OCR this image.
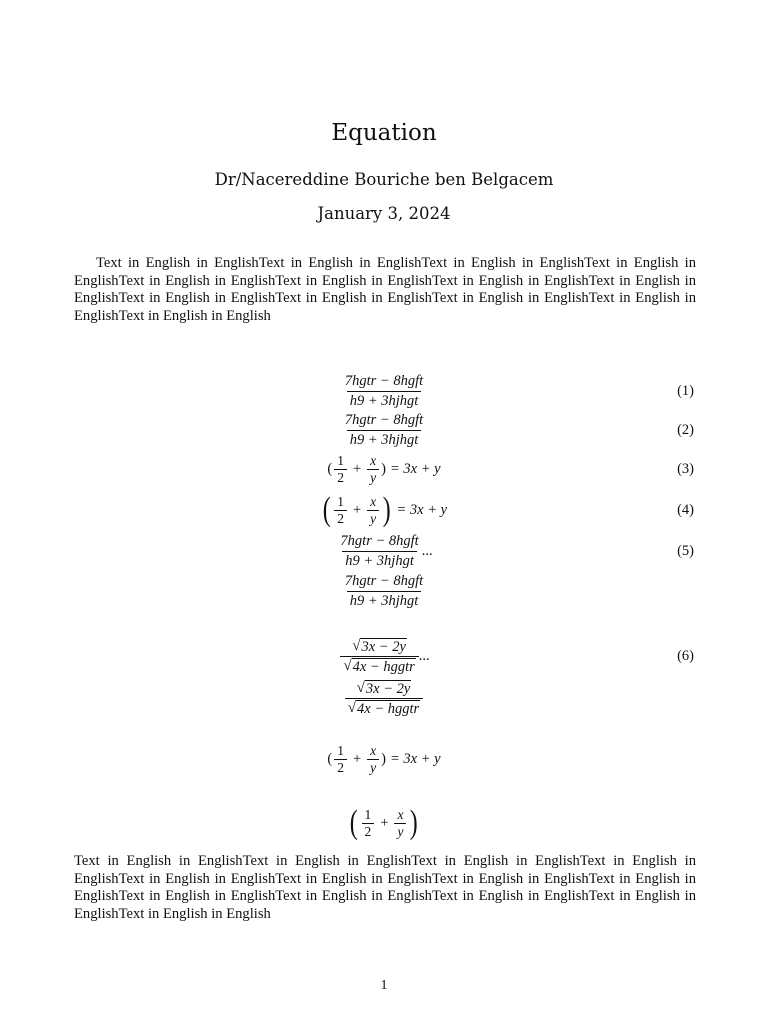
Equation
Dr/Nacereddine Bouriche ben Belgacem
January 3, 2024
Text in English in EnglishText in English in EnglishText in English in EnglishText in English in EnglishText in English in EnglishText in English in EnglishText in English in EnglishText in English in EnglishText in English in EnglishText in English in EnglishText in English in EnglishText in English in EnglishText in English in English
$\frac{\text{7hgtr − 8hgft}}{\text{h9 + 3hjhgt}}$	(1)
$\frac{\text{7hgtr − 8hgft}}{\text{h9 + 3hjhgt}}$	(2)
( $\frac{1}{2} + \frac{x}{y}$ ) = 3x + y	(3)
( $\frac{1}{2} + \frac{x}{y}$ ) = 3x + y	(4)
$\frac{\text{7hgtr − 8hgft}}{\text{h9 + 3hjhgt}}$ ...	(5)
$\frac{\text{7hgtr − 8hgft}}{\text{h9 + 3hjhgt}}$
$\frac{√ 3x - 2y}{\text{√ 4x − hggtr}}$ ...	(6)
$\frac{√ 3x - 2y}{\text{√ 4x − hggtr}}$
( $\frac{1}{2} + \frac{x}{y}$ ) = 3x + y
( $\frac{1}{2} + \frac{x}{y}$ )
Text in English in EnglishText in English in EnglishText in English in EnglishText in English in EnglishText in English in EnglishText in English in EnglishText in English in EnglishText in English in EnglishText in English in EnglishText in English in EnglishText in English in EnglishText in English in EnglishText in English in English
1
